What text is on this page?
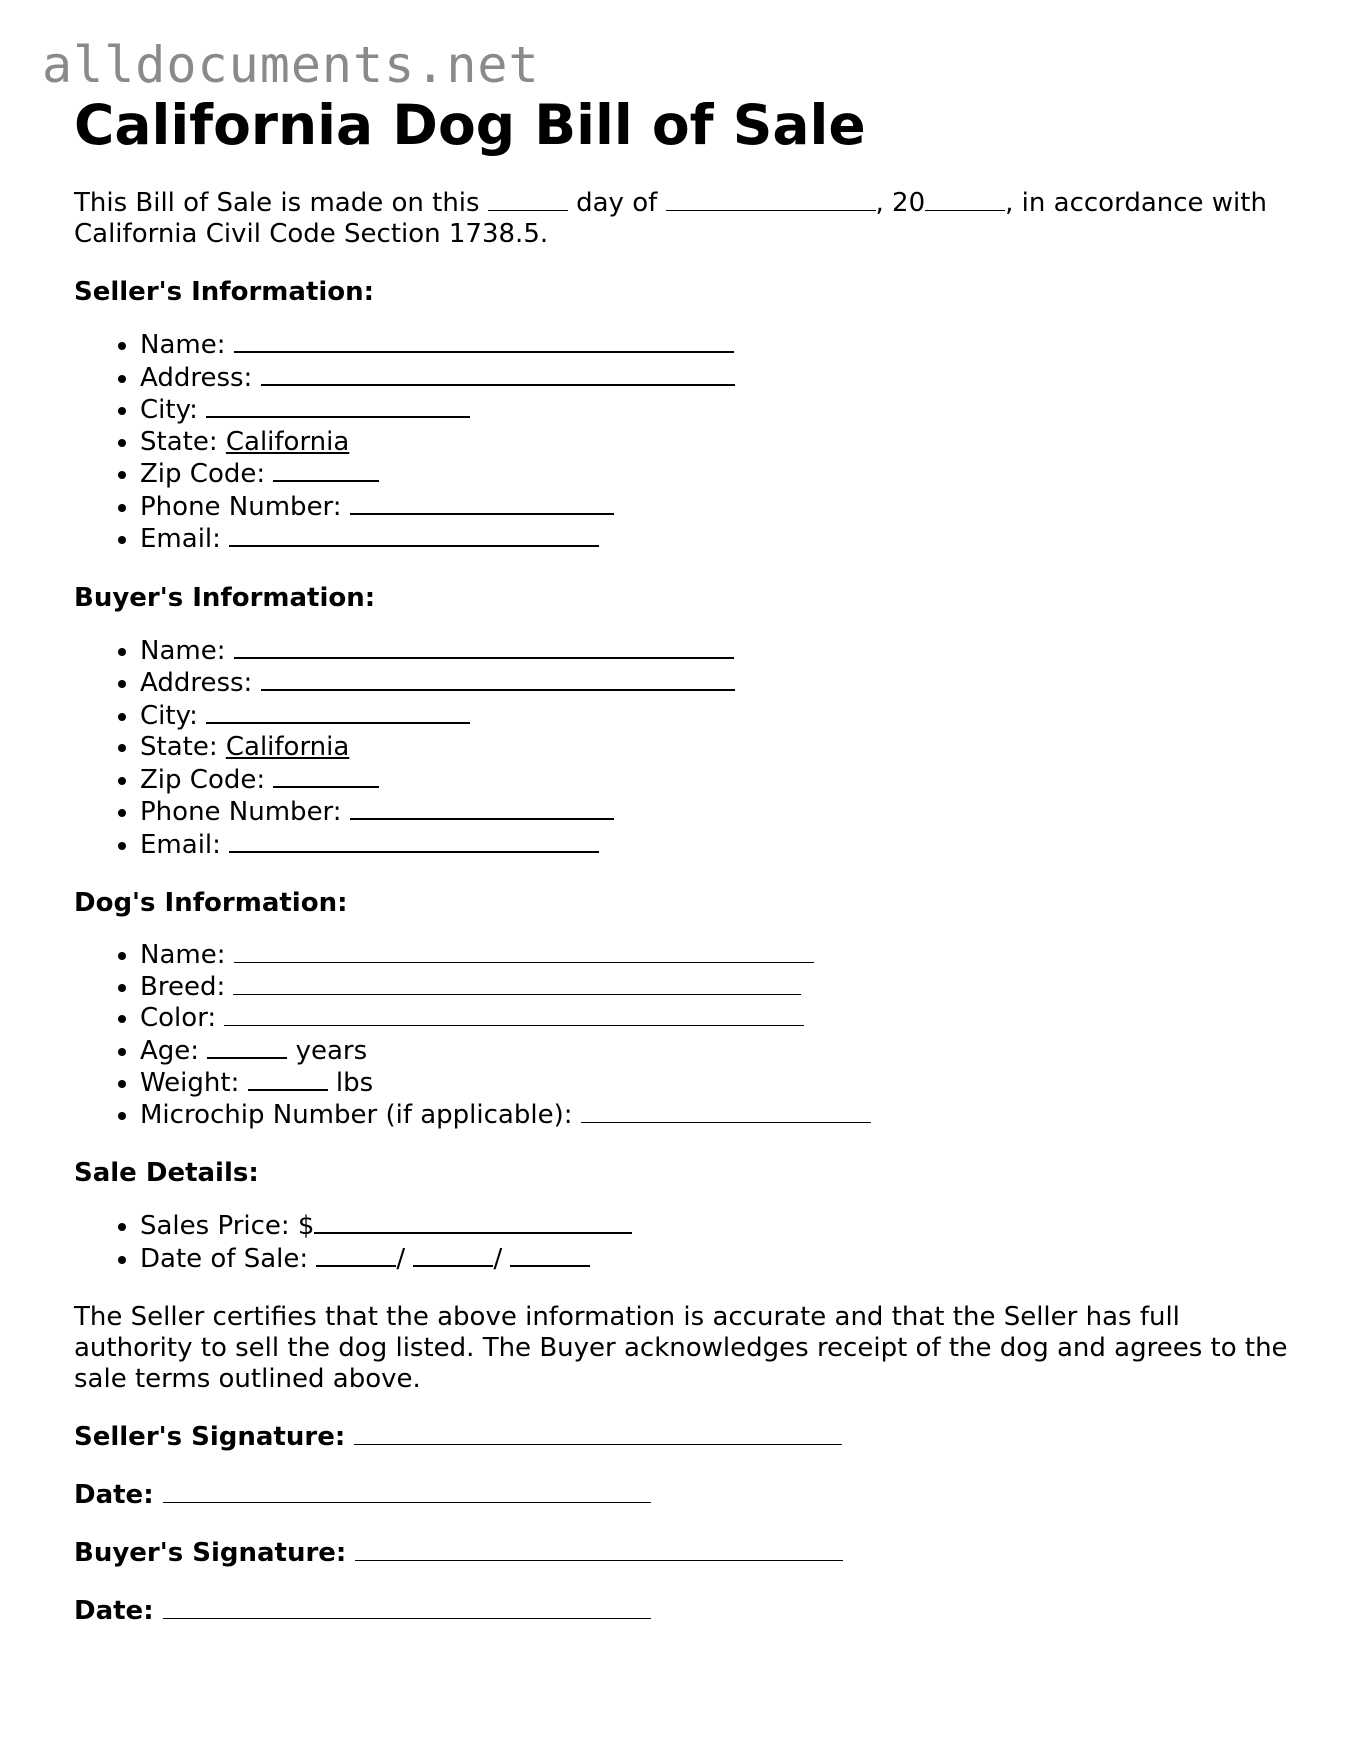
alldocuments.net
California Dog Bill of Sale

This Bill of Sale is made on this	day of	, 20	, in accordance with California Civil Code Section 1738.5.

Seller's Information:
• Name:
• Address:
• City:
• State: California
• Zip Code:
• Phone Number:
• Email:
Buyer's Information:
• Name:
• Address:
• City:
• State: California
• Zip Code:
• Phone Number:
• Email:
Dog's Information:
• Name:
• Breed:
• Color:
• Age:	years
• Weight:	lbs
• Microchip Number (if applicable):
Sale Details:
• Sales Price: $
• Date of Sale:	/	/

The Seller certifies that the above information is accurate and that the Seller has full authority to sell the dog listed. The Buyer acknowledges receipt of the dog and agrees to the sale terms outlined above.

Seller's Signature:
Date:
Buyer's Signature:
Date:
